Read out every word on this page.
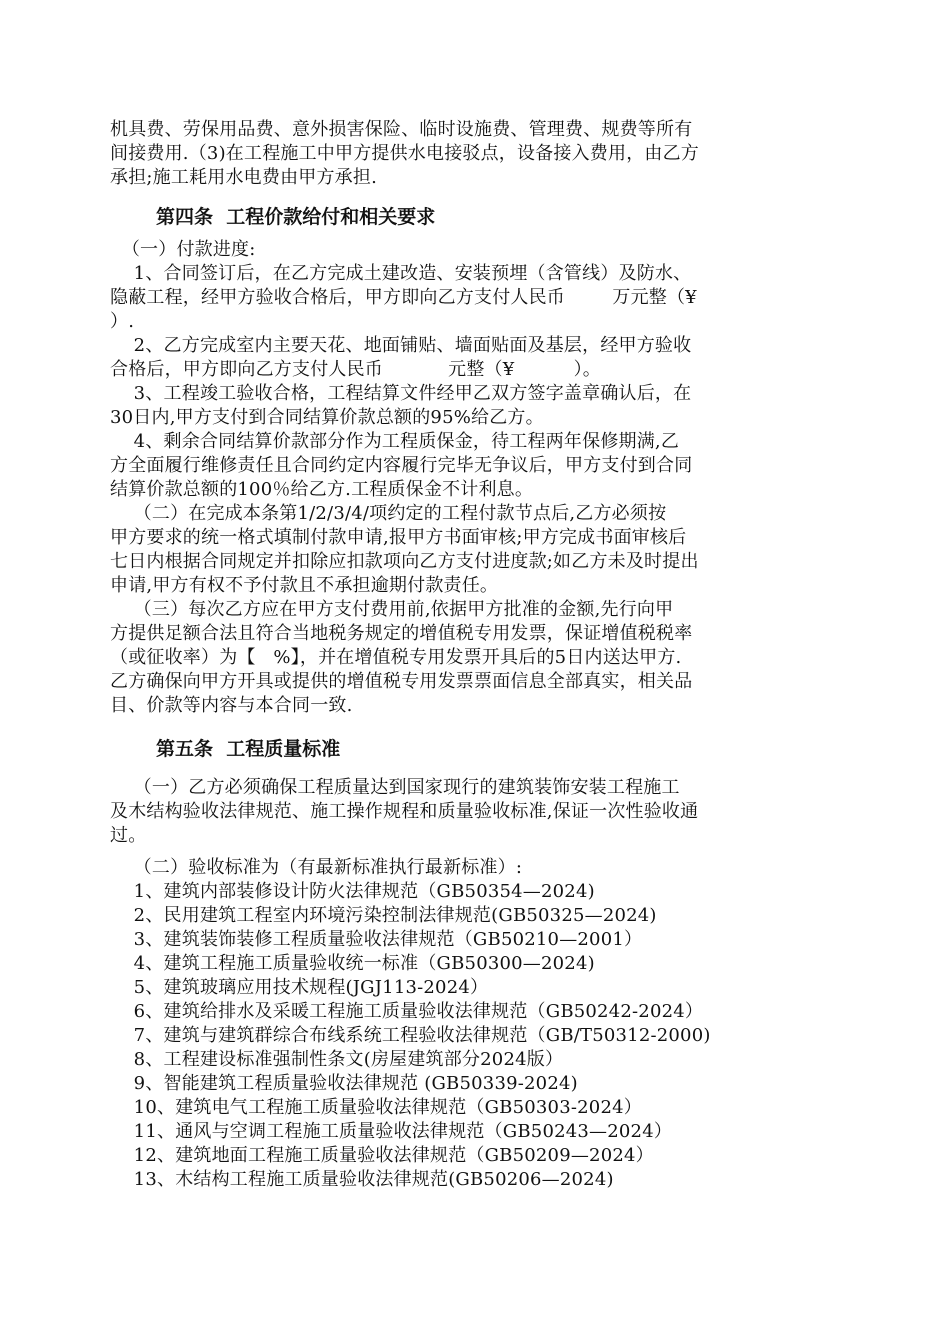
机具费、劳保用品费、意外损害保险、临时设施费、管理费、规费等所有
间接费用.（3)在工程施工中甲方提供水电接驳点，设备接入费用，由乙方
承担;施工耗用水电费由甲方承担.
第四条  工程价款给付和相关要求
（一）付款进度:
1、合同签订后，在乙方完成土建改造、安装预埋（含管线）及防水、
隐蔽工程，经甲方验收合格后，甲方即向乙方支付人民币        万元整（¥
）.
2、乙方完成室内主要天花、地面铺贴、墙面贴面及基层，经甲方验收
合格后，甲方即向乙方支付人民币           元整（¥          ）。
3、工程竣工验收合格，工程结算文件经甲乙双方签字盖章确认后，在
30日内,甲方支付到合同结算价款总额的95%给乙方。
4、剩余合同结算价款部分作为工程质保金，待工程两年保修期满,乙
方全面履行维修责任且合同约定内容履行完毕无争议后，甲方支付到合同
结算价款总额的100％给乙方.工程质保金不计利息。
（二）在完成本条第1/2/3/4/项约定的工程付款节点后,乙方必须按
甲方要求的统一格式填制付款申请,报甲方书面审核;甲方完成书面审核后
七日内根据合同规定并扣除应扣款项向乙方支付进度款;如乙方未及时提出
申请,甲方有权不予付款且不承担逾期付款责任。
（三）每次乙方应在甲方支付费用前,依据甲方批准的金额,先行向甲
方提供足额合法且符合当地税务规定的增值税专用发票，保证增值税税率
（或征收率）为【   %】，并在增值税专用发票开具后的5日内送达甲方.
乙方确保向甲方开具或提供的增值税专用发票票面信息全部真实，相关品
目、价款等内容与本合同一致.
第五条  工程质量标准
（一）乙方必须确保工程质量达到国家现行的建筑装饰安装工程施工
及木结构验收法律规范、施工操作规程和质量验收标准,保证一次性验收通
过。
（二）验收标准为（有最新标准执行最新标准）:
1、建筑内部装修设计防火法律规范（GB50354—2024)
2、民用建筑工程室内环境污染控制法律规范(GB50325—2024)
3、建筑装饰装修工程质量验收法律规范（GB50210—2001）
4、建筑工程施工质量验收统一标准（GB50300—2024)
5、建筑玻璃应用技术规程(JGJ113-2024）
6、建筑给排水及采暖工程施工质量验收法律规范（GB50242-2024）
7、建筑与建筑群综合布线系统工程验收法律规范（GB/T50312-2000)
8、工程建设标准强制性条文(房屋建筑部分2024版）
9、智能建筑工程质量验收法律规范 (GB50339-2024)
10、建筑电气工程施工质量验收法律规范（GB50303-2024）
11、通风与空调工程施工质量验收法律规范（GB50243—2024）
12、建筑地面工程施工质量验收法律规范（GB50209—2024）
13、木结构工程施工质量验收法律规范(GB50206—2024)
